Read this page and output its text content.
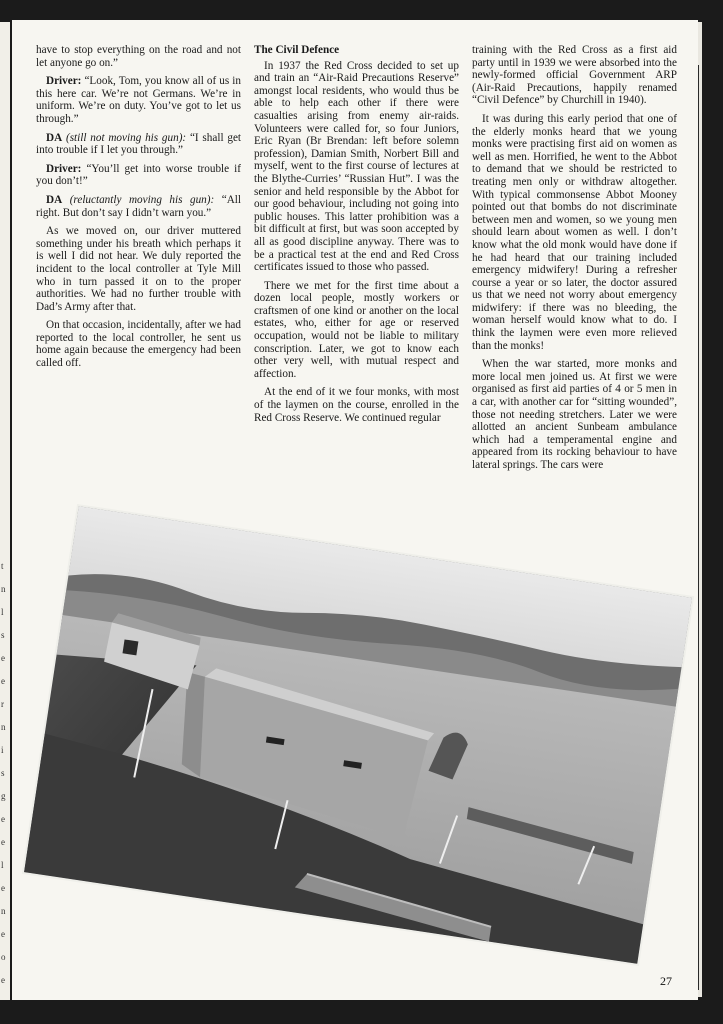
t
n
l
s
e
e
r
n
i
s
g
e
e
l
e
n
e
o
e

have to stop everything on the road and not let anyone go on.”

Driver: “Look, Tom, you know all of us in this here car. We’re not Germans. We’re in uniform. We’re on duty. You’ve got to let us through.”

DA (still not moving his gun): “I shall get into trouble if I let you through.”

Driver: “You’ll get into worse trouble if you don’t!”

DA (reluctantly moving his gun): “All right. But don’t say I didn’t warn you.”

As we moved on, our driver muttered something under his breath which perhaps it is well I did not hear. We duly reported the incident to the local controller at Tyle Mill who in turn passed it on to the proper authorities. We had no further trouble with Dad’s Army after that.

On that occasion, incidentally, after we had reported to the local controller, he sent us home again because the emergency had been called off.

The Civil Defence

In 1937 the Red Cross decided to set up and train an “Air-Raid Precautions Reserve” amongst local residents, who would thus be able to help each other if there were casualties arising from enemy air-raids. Volunteers were called for, so four Juniors, Eric Ryan (Br Brendan: left before solemn profession), Damian Smith, Norbert Bill and myself, went to the first course of lectures at the Blythe-Curries’ “Russian Hut”. I was the senior and held responsible by the Abbot for our good behaviour, including not going into public houses. This latter prohibition was a bit difficult at first, but was soon accepted by all as good discipline anyway. There was to be a practical test at the end and Red Cross certificates issued to those who passed.

There we met for the first time about a dozen local people, mostly workers or craftsmen of one kind or another on the local estates, who, either for age or reserved occupation, would not be liable to military conscription. Later, we got to know each other very well, with mutual respect and affection.

At the end of it we four monks, with most of the laymen on the course, enrolled in the Red Cross Reserve. We continued regular

training with the Red Cross as a first aid party until in 1939 we were absorbed into the newly-formed official Government ARP (Air-Raid Precautions, happily renamed “Civil Defence” by Churchill in 1940).

It was during this early period that one of the elderly monks heard that we young monks were practising first aid on women as well as men. Horrified, he went to the Abbot to demand that we should be restricted to treating men only or withdraw altogether. With typical commonsense Abbot Mooney pointed out that bombs do not discriminate between men and women, so we young men should learn about women as well. I don’t know what the old monk would have done if he had heard that our training included emergency midwifery! During a refresher course a year or so later, the doctor assured us that we need not worry about emergency midwifery: if there was no bleeding, the woman herself would know what to do. I think the laymen were even more relieved than the monks!

When the war started, more monks and more local men joined us. At first we were organised as first aid parties of 4 or 5 men in a car, with another car for “sitting wounded”, those not needing stretchers. Later we were allotted an ancient Sunbeam ambulance which had a temperamental engine and appeared from its rocking behaviour to have lateral springs. The cars were

27
